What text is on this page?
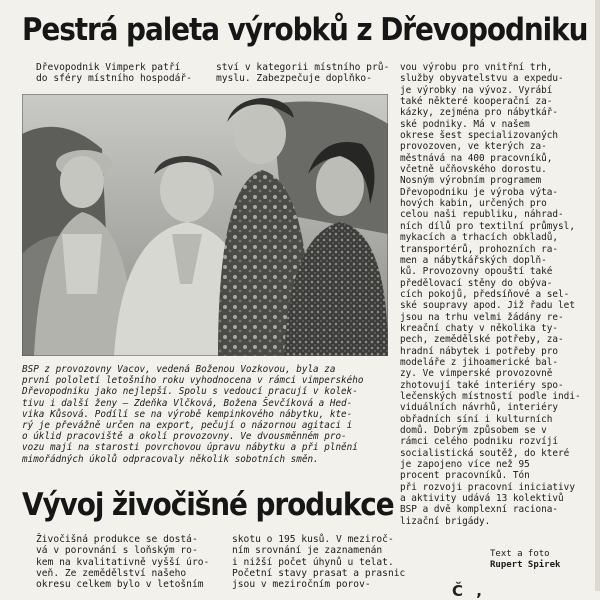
Pestrá paleta výrobků z Dřevopodniku

Dřevopodnik Vimperk patří

do sféry místního hospodář-

ství v kategorii místního prů-

myslu. Zabezpečuje doplňko-

BSP z provozovny Vacov, vedená Boženou Vozkovou, byla za

první pololetí letošního roku vyhodnocena v rámci vimperského

Dřevopodniku jako nejlepší. Spolu s vedoucí pracují v kolek-

tivu i další ženy – Zdeňka Vlčková, Božena Ševčíková a Hed-

vika Kůsová. Podílí se na výrobě kempinkového nábytku, kte-

rý je převážně určen na export, pečují o názornou agitaci i

o úklid pracoviště a okolí provozovny. Ve dvousměnném pro-

vozu mají na starosti povrchovou úpravu nábytku a při plnění

mimořádných úkolů odpracovaly několik sobotních směn.

vou výrobu pro vnitřní trh,

služby obyvatelstvu a expedu-

je výrobky na vývoz. Vyrábí

také některé kooperační za-

kázky, zejména pro nábytkář-

ské podniky. Má v našem

okrese šest specializovaných

provozoven, ve kterých za-

městnává na 400 pracovníků,

včetně učňovského dorostu.

Nosným výrobním programem

Dřevopodniku je výroba výta-

hových kabin, určených pro

celou naši republiku, náhrad-

ních dílů pro textilní průmysl,

mykacích a trhacích obkladů,

transportérů, prohozních ra-

men a nábytkářských doplň-

ků. Provozovny opouští také

předělovací stěny do obýva-

cích pokojů, předsíňové a sel-

ské soupravy apod. Již řadu let

jsou na trhu velmi žádány re-

kreační chaty v několika ty-

pech, zemědělské potřeby, za-

hradní nábytek i potřeby pro

modeláře z jihoamerické bal-

zy. Ve vimperské provozovně

zhotovují také interiéry spo-

lečenských místností podle indi-

viduálních návrhů, interiéry

obřadních síní i kulturních

domů. Dobrým způsobem se v

rámci celého podniku rozvíjí

socialistická soutěž, do které

je zapojeno více než 95

procent pracovníků. Tón

při rozvoji pracovní iniciativy

a aktivity udává 13 kolektivů

BSP a dvě komplexní raciona-

lizační brigády.

Text a foto

Rupert Spirek

Vývoj živočišné produkce

Živočišná produkce se dostá-

vá v porovnání s loňským ro-

kem na kvalitativně vyšší úro-

veň. Ze zemědělství našeho

okresu celkem bylo v letošním

skotu o 195 kusů. V meziroč-

ním srovnání je zaznamenán

i nižší počet úhynů u telat.

Početní stavy prasat a prasnic

jsou v meziročním porov-	Č ,
